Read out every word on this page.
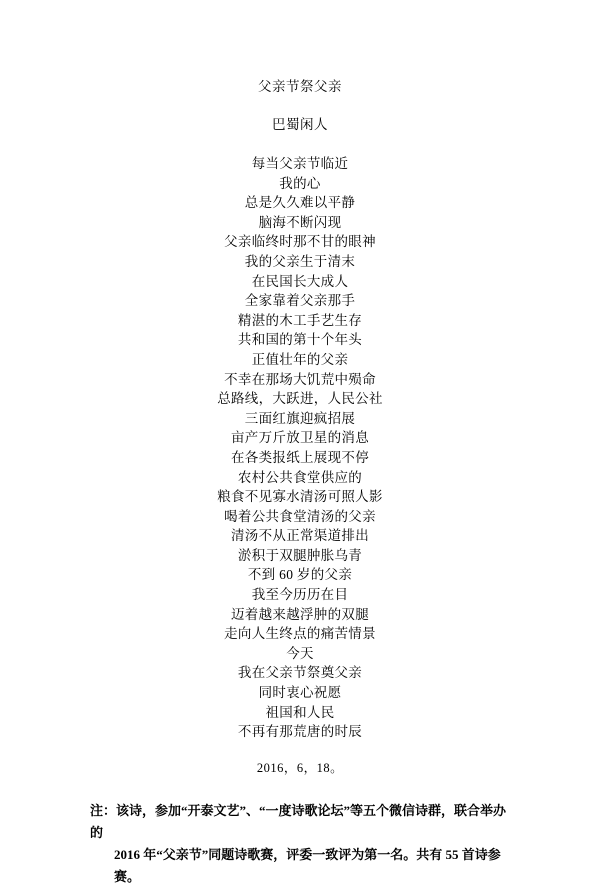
父亲节祭父亲
巴蜀闲人
每当父亲节临近
我的心
总是久久难以平静
脑海不断闪现
父亲临终时那不甘的眼神
我的父亲生于清末
在民国长大成人
全家靠着父亲那手
精湛的木工手艺生存
共和国的第十个年头
正值壮年的父亲
不幸在那场大饥荒中殒命
总路线，大跃进，人民公社
三面红旗迎疯招展
亩产万斤放卫星的消息
在各类报纸上展现不停
农村公共食堂供应的
粮食不见寡水清汤可照人影
喝着公共食堂清汤的父亲
清汤不从正常渠道排出
淤积于双腿肿胀乌青
不到 60 岁的父亲
我至今历历在目
迈着越来越浮肿的双腿
走向人生终点的痛苦情景
今天
我在父亲节祭奠父亲
同时衷心祝愿
祖国和人民
不再有那荒唐的时辰
2016，6，18。
注：该诗，参加“开泰文艺”、“一度诗歌论坛”等五个微信诗群，联合举办的
2016 年“父亲节”同题诗歌赛，评委一致评为第一名。共有 55 首诗参赛。
